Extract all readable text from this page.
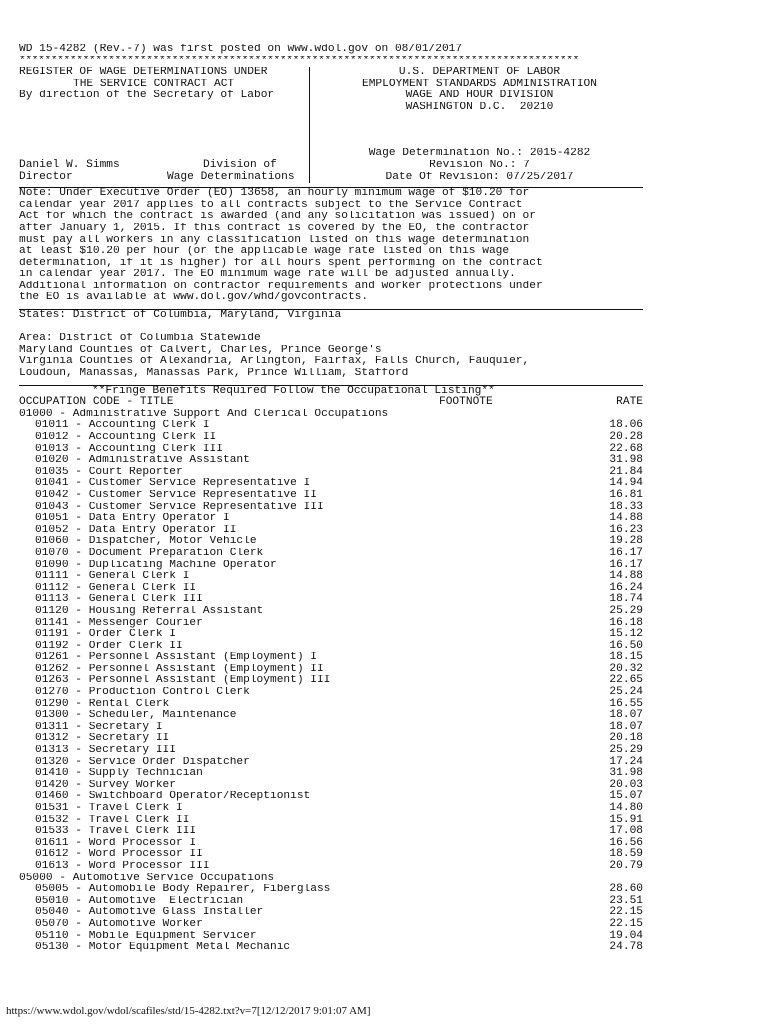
WD 15-4282 (Rev.-7) was first posted on www.wdol.gov on 08/01/2017
****************************************************************************************
REGISTER OF WAGE DETERMINATIONS UNDER
THE SERVICE CONTRACT ACT
By direction of the Secretary of Labor
Daniel W. Simms	Division of
Director	Wage Determinations
U.S. DEPARTMENT OF LABOR
EMPLOYMENT STANDARDS ADMINISTRATION
WAGE AND HOUR DIVISION
WASHINGTON D.C.  20210
Wage Determination No.: 2015-4282
Revision No.: 7
Date Of Revision: 07/25/2017
Note: Under Executive Order (EO) 13658, an hourly minimum wage of $10.20 for
calendar year 2017 applies to all contracts subject to the Service Contract
Act for which the contract is awarded (and any solicitation was issued) on or
after January 1, 2015. If this contract is covered by the EO, the contractor
must pay all workers in any classification listed on this wage determination
at least $10.20 per hour (or the applicable wage rate listed on this wage
determination, if it is higher) for all hours spent performing on the contract
in calendar year 2017. The EO minimum wage rate will be adjusted annually.
Additional information on contractor requirements and worker protections under
the EO is available at www.dol.gov/whd/govcontracts.
States: District of Columbia, Maryland, Virginia
Area: District of Columbia Statewide
Maryland Counties of Calvert, Charles, Prince George's
Virginia Counties of Alexandria, Arlington, Fairfax, Falls Church, Fauquier,
Loudoun, Manassas, Manassas Park, Prince William, Stafford
**Fringe Benefits Required Follow the Occupational Listing**
OCCUPATION CODE - TITLE	FOOTNOTE	RATE
01000 - Administrative Support And Clerical Occupations
01011 - Accounting Clerk I	18.06
01012 - Accounting Clerk II	20.28
01013 - Accounting Clerk III	22.68
01020 - Administrative Assistant	31.98
01035 - Court Reporter	21.84
01041 - Customer Service Representative I	14.94
01042 - Customer Service Representative II	16.81
01043 - Customer Service Representative III	18.33
01051 - Data Entry Operator I	14.88
01052 - Data Entry Operator II	16.23
01060 - Dispatcher, Motor Vehicle	19.28
01070 - Document Preparation Clerk	16.17
01090 - Duplicating Machine Operator	16.17
01111 - General Clerk I	14.88
01112 - General Clerk II	16.24
01113 - General Clerk III	18.74
01120 - Housing Referral Assistant	25.29
01141 - Messenger Courier	16.18
01191 - Order Clerk I	15.12
01192 - Order Clerk II	16.50
01261 - Personnel Assistant (Employment) I	18.15
01262 - Personnel Assistant (Employment) II	20.32
01263 - Personnel Assistant (Employment) III	22.65
01270 - Production Control Clerk	25.24
01290 - Rental Clerk	16.55
01300 - Scheduler, Maintenance	18.07
01311 - Secretary I	18.07
01312 - Secretary II	20.18
01313 - Secretary III	25.29
01320 - Service Order Dispatcher	17.24
01410 - Supply Technician	31.98
01420 - Survey Worker	20.03
01460 - Switchboard Operator/Receptionist	15.07
01531 - Travel Clerk I	14.80
01532 - Travel Clerk II	15.91
01533 - Travel Clerk III	17.08
01611 - Word Processor I	16.56
01612 - Word Processor II	18.59
01613 - Word Processor III	20.79
05000 - Automotive Service Occupations
05005 - Automobile Body Repairer, Fiberglass	28.60
05010 - Automotive  Electrician	23.51
05040 - Automotive Glass Installer	22.15
05070 - Automotive Worker	22.15
05110 - Mobile Equipment Servicer	19.04
05130 - Motor Equipment Metal Mechanic	24.78
https://www.wdol.gov/wdol/scafiles/std/15-4282.txt?v=7[12/12/2017 9:01:07 AM]
